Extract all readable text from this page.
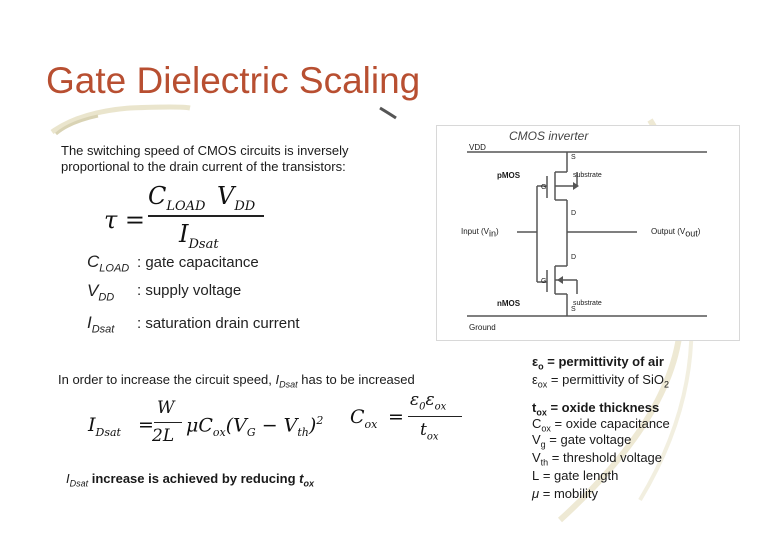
Gate Dielectric Scaling
The switching speed of CMOS circuits is inversely
proportional to the drain current of the transistors:
τ =
$C_{LOAD}$ $V_{DD}$
$I_{Dsat}$
$C_{LOAD}$ : gate capacitance
$V_{DD}$ : supply voltage
$I_{Dsat}$ : saturation drain current
CMOS inverter
VDD
pMOS	substrate
Input $(V_{in})$	Output $(V_{out})$
nMOS	substrate
Ground
S
G
D
G
D
S
In order to increase the circuit speed, $I_{Dsat}$ has to be increased
$I_{Dsat}$ =
W
2L $\mu C_{ox}(V_G - V_{th})^2$ $C_{ox}$ =
$\varepsilon_0\varepsilon_{ox}$
$t_{ox}$
$I_{Dsat}$ increase is achieved by reducing $t_{ox}$
$\varepsilon_o$ = permittivity of air
$\varepsilon_{ox}$ = permittivity of SiO$_2$
$t_{ox}$ = oxide thickness
$C_{ox}$ = oxide capacitance
$V_g$ = gate voltage
$V_{th}$ = threshold voltage
L = gate length
μ = mobility
